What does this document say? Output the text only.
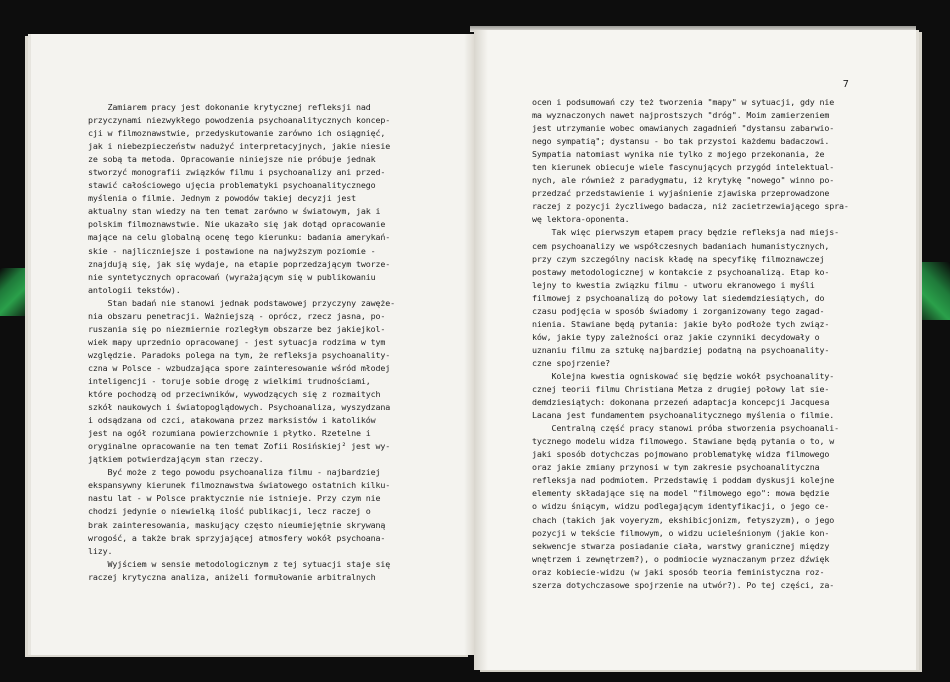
Zamiarem pracy jest dokonanie krytycznej refleksji nad
przyczynami niezwykłego powodzenia psychoanalitycznych koncep-
cji w filmoznawstwie, przedyskutowanie zarówno ich osiągnięć,
jak i niebezpieczeństw nadużyć interpretacyjnych, jakie niesie
ze sobą ta metoda. Opracowanie niniejsze nie próbuje jednak
stworzyć monografii związków filmu i psychoanalizy ani przed-
stawić całościowego ujęcia problematyki psychoanalitycznego
myślenia o filmie. Jednym z powodów takiej decyzji jest
aktualny stan wiedzy na ten temat zarówno w światowym, jak i
polskim filmoznawstwie. Nie ukazało się jak dotąd opracowanie
mające na celu globalną ocenę tego kierunku: badania amerykań-
skie - najliczniejsze i postawione na najwyższym poziomie -
znajdują się, jak się wydaje, na etapie poprzedzającym tworze-
nie syntetycznych opracowań (wyrażającym się w publikowaniu
antologii tekstów).
Stan badań nie stanowi jednak podstawowej przyczyny zawęże-
nia obszaru penetracji. Ważniejszą - oprócz, rzecz jasna, po-
ruszania się po niezmiernie rozległym obszarze bez jakiejkol-
wiek mapy uprzednio opracowanej - jest sytuacja rodzima w tym
względzie. Paradoks polega na tym, że refleksja psychoanality-
czna w Polsce - wzbudzająca spore zainteresowanie wśród młodej
inteligencji - toruje sobie drogę z wielkimi trudnościami,
które pochodzą od przeciwników, wywodzących się z rozmaitych
szkół naukowych i światopoglądowych. Psychoanaliza, wyszydzana
i odsądzana od czci, atakowana przez marksistów i katolików
jest na ogół rozumiana powierzchownie i płytko. Rzetelne i
oryginalne opracowanie na ten temat Zofii Rosińskiej² jest wy-
jątkiem potwierdzającym stan rzeczy.
Być może z tego powodu psychoanaliza filmu - najbardziej
ekspansywny kierunek filmoznawstwa światowego ostatnich kilku-
nastu lat - w Polsce praktycznie nie istnieje. Przy czym nie
chodzi jedynie o niewielką ilość publikacji, lecz raczej o
brak zainteresowania, maskujący często nieumiejętnie skrywaną
wrogość, a także brak sprzyjającej atmosfery wokół psychoana-
lizy.
Wyjściem w sensie metodologicznym z tej sytuacji staje się
raczej krytyczna analiza, aniżeli formułowanie arbitralnych
7
ocen i podsumowań czy też tworzenia "mapy" w sytuacji, gdy nie
ma wyznaczonych nawet najprostszych "dróg". Moim zamierzeniem
jest utrzymanie wobec omawianych zagadnień "dystansu zabarwio-
nego sympatią"; dystansu - bo tak przystoi każdemu badaczowi.
Sympatia natomiast wynika nie tylko z mojego przekonania, że
ten kierunek obiecuje wiele fascynujących przygód intelektual-
nych, ale również z paradygmatu, iż krytykę "nowego" winno po-
przedzać przedstawienie i wyjaśnienie zjawiska przeprowadzone
raczej z pozycji życzliwego badacza, niż zacietrzewiającego spra-
wę lektora-oponenta.
Tak więc pierwszym etapem pracy będzie refleksja nad miejs-
cem psychoanalizy we współczesnych badaniach humanistycznych,
przy czym szczególny nacisk kładę na specyfikę filmoznawczej
postawy metodologicznej w kontakcie z psychoanalizą. Etap ko-
lejny to kwestia związku filmu - utworu ekranowego i myśli
filmowej z psychoanalizą do połowy lat siedemdziesiątych, do
czasu podjęcia w sposób świadomy i zorganizowany tego zagad-
nienia. Stawiane będą pytania: jakie było podłoże tych związ-
ków, jakie typy zależności oraz jakie czynniki decydowały o
uznaniu filmu za sztukę najbardziej podatną na psychoanality-
czne spojrzenie?
Kolejna kwestia ogniskować się będzie wokół psychoanality-
cznej teorii filmu Christiana Metza z drugiej połowy lat sie-
demdziesiątych: dokonana przezeń adaptacja koncepcji Jacquesa
Lacana jest fundamentem psychoanalitycznego myślenia o filmie.
Centralną część pracy stanowi próba stworzenia psychoanali-
tycznego modelu widza filmowego. Stawiane będą pytania o to, w
jaki sposób dotychczas pojmowano problematykę widza filmowego
oraz jakie zmiany przynosi w tym zakresie psychoanalityczna
refleksja nad podmiotem. Przedstawię i poddam dyskusji kolejne
elementy składające się na model "filmowego ego": mowa będzie
o widzu śniącym, widzu podlegającym identyfikacji, o jego ce-
chach (takich jak voyeryzm, ekshibicjonizm, fetyszyzm), o jego
pozycji w tekście filmowym, o widzu ucieleśnionym (jakie kon-
sekwencje stwarza posiadanie ciała, warstwy granicznej między
wnętrzem i zewnętrzem?), o podmiocie wyznaczanym przez dźwięk
oraz kobiecie-widzu (w jaki sposób teoria feministyczna roz-
szerza dotychczasowe spojrzenie na utwór?). Po tej części, za-
